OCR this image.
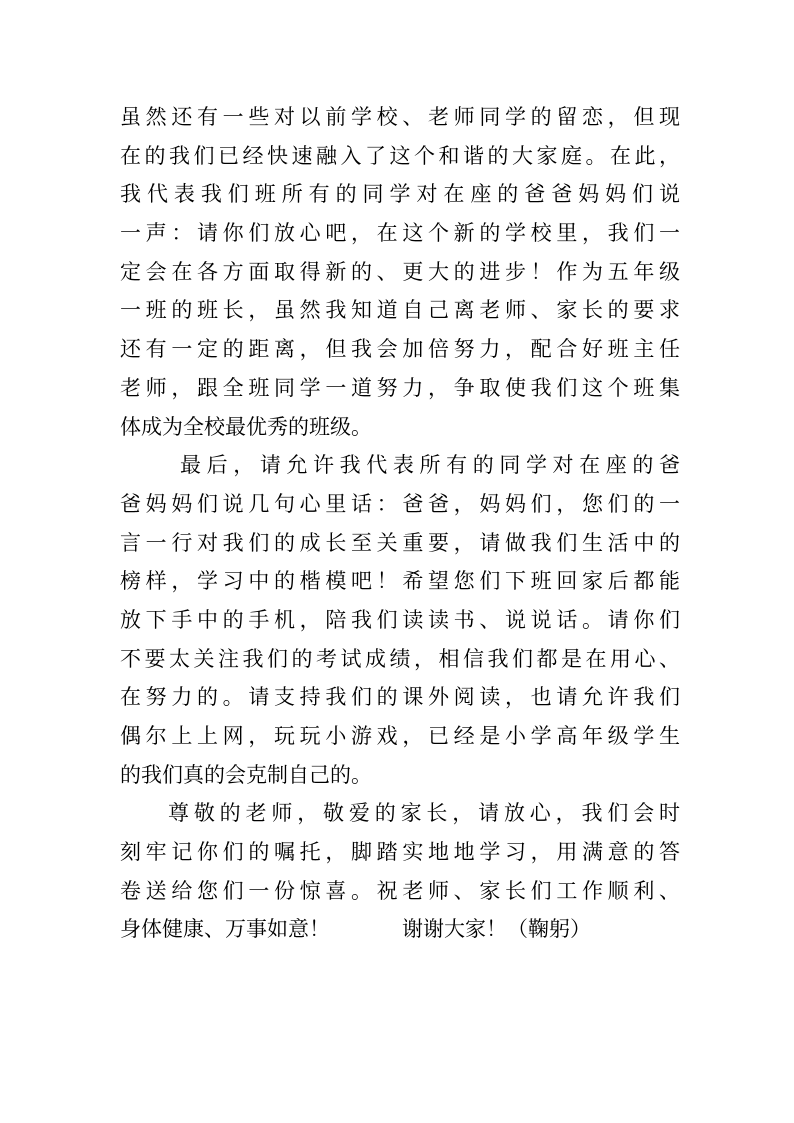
虽然还有一些对以前学校、老师同学的留恋，但现
在的我们已经快速融入了这个和谐的大家庭。在此，
我代表我们班所有的同学对在座的爸爸妈妈们说
一声：请你们放心吧，在这个新的学校里，我们一
定会在各方面取得新的、更大的进步！作为五年级
一班的班长，虽然我知道自己离老师、家长的要求
还有一定的距离，但我会加倍努力，配合好班主任
老师，跟全班同学一道努力，争取使我们这个班集
体成为全校最优秀的班级。
最后，请允许我代表所有的同学对在座的爸
爸妈妈们说几句心里话：爸爸，妈妈们，您们的一
言一行对我们的成长至关重要，请做我们生活中的
榜样，学习中的楷模吧！希望您们下班回家后都能
放下手中的手机，陪我们读读书、说说话。请你们
不要太关注我们的考试成绩，相信我们都是在用心、
在努力的。请支持我们的课外阅读，也请允许我们
偶尔上上网，玩玩小游戏，已经是小学高年级学生
的我们真的会克制自己的。
尊敬的老师，敬爱的家长，请放心，我们会时
刻牢记你们的嘱托，脚踏实地地学习，用满意的答
卷送给您们一份惊喜。祝老师、家长们工作顺利、
身体健康、万事如意！	谢谢大家！（鞠躬）
